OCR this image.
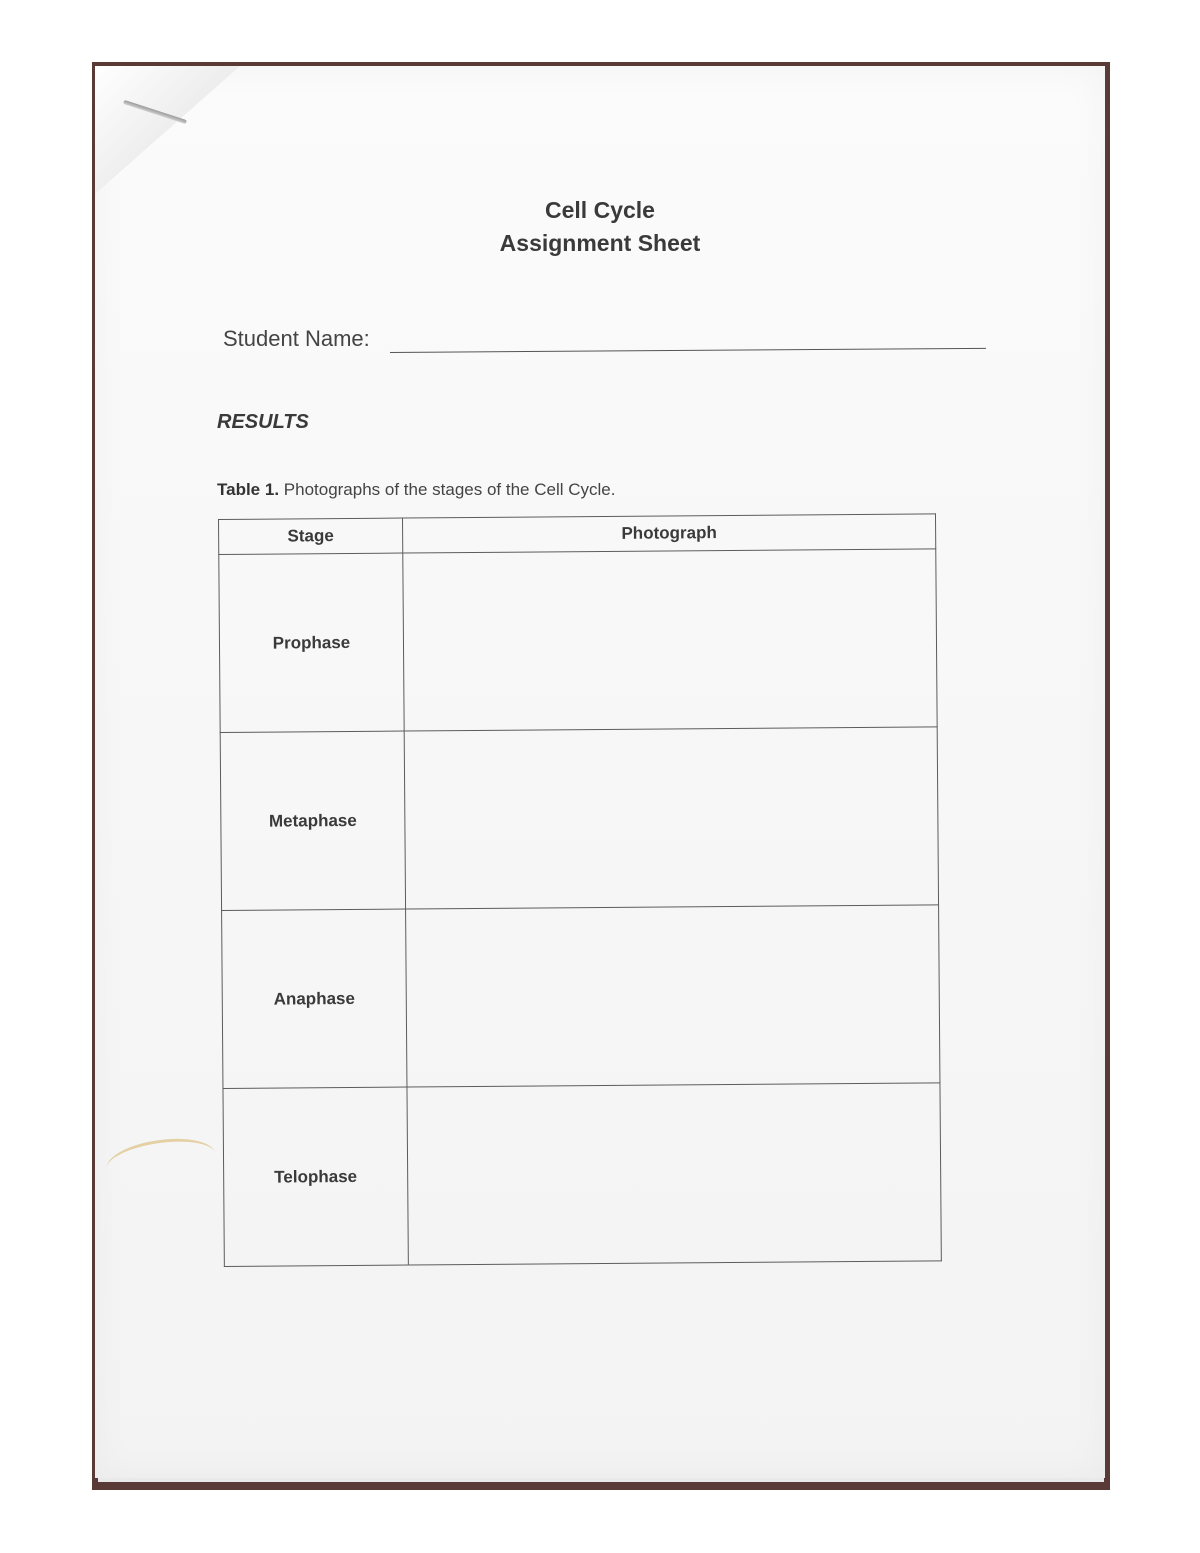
Cell Cycle
Assignment Sheet
Student Name:
RESULTS
Table 1. Photographs of the stages of the Cell Cycle.
Stage	Photograph
Prophase	
Metaphase	
Anaphase	
Telophase	
